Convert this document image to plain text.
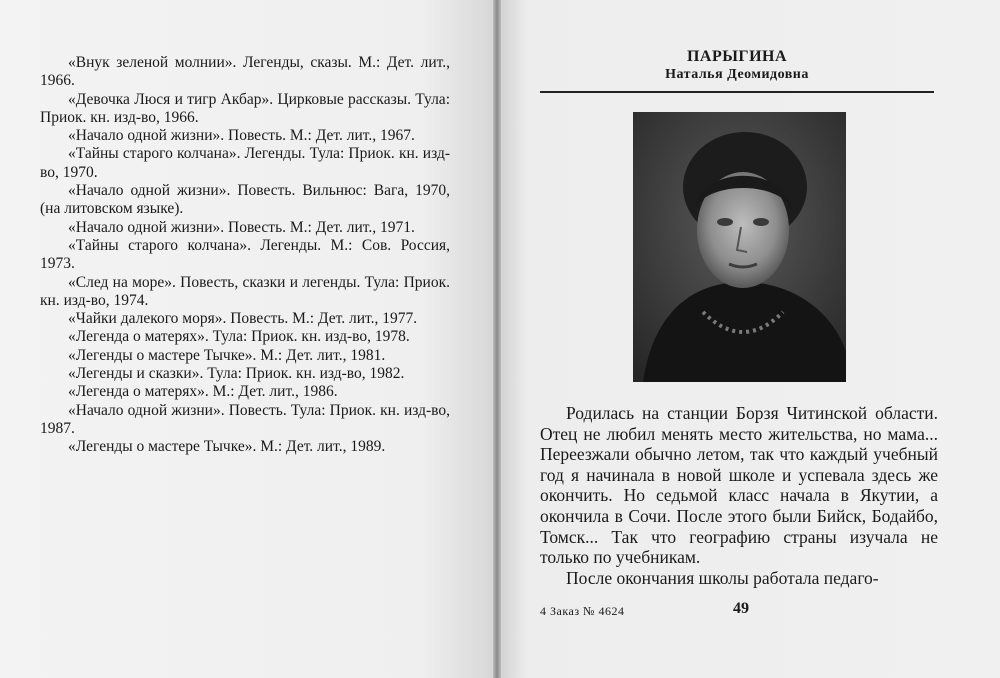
«Внук зеленой молнии». Легенды, сказы. М.: Дет. лит., 1966.

«Девочка Люся и тигр Акбар». Цирковые рассказы. Тула: Приок. кн. изд-во, 1966.

«Начало одной жизни». Повесть. М.: Дет. лит., 1967.

«Тайны старого колчана». Легенды. Тула: Приок. кн. изд-во, 1970.

«Начало одной жизни». Повесть. Вильнюс: Вага, 1970, (на литовском языке).

«Начало одной жизни». Повесть. М.: Дет. лит., 1971.

«Тайны старого колчана». Легенды. М.: Сов. Россия, 1973.

«След на море». Повесть, сказки и легенды. Тула: Приок. кн. изд-во, 1974.

«Чайки далекого моря». Повесть. М.: Дет. лит., 1977.

«Легенда о матерях». Тула: Приок. кн. изд-во, 1978.

«Легенды о мастере Тычке». М.: Дет. лит., 1981.

«Легенды и сказки». Тула: Приок. кн. изд-во, 1982.

«Легенда о матерях». М.: Дет. лит., 1986.

«Начало одной жизни». Повесть. Тула: Приок. кн. изд-во, 1987.

«Легенды о мастере Тычке». М.: Дет. лит., 1989.

ПАРЫГИНА
Наталья Деомидовна

Родилась на станции Борзя Читинской области. Отец не любил менять место жительства, но мама... Переезжали обычно летом, так что каждый учебный год я начинала в новой школе и успевала здесь же окончить. Но седьмой класс начала в Якутии, а окончила в Сочи. После этого были Бийск, Бодайбо, Томск... Так что географию страны изучала не только по учебникам.

После окончания школы работала педаго-

4 Заказ № 4624	49
